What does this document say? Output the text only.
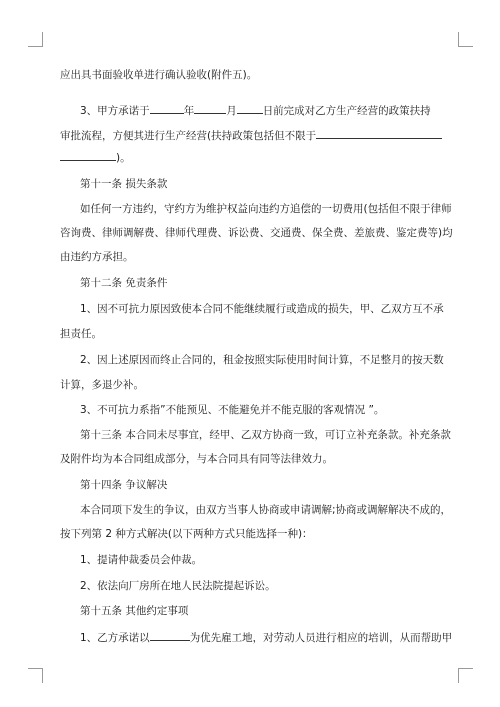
应出具书面验收单进行确认验收(附件五)。
3、甲方承诺于	年	月 日前完成对乙方生产经营的政策扶持
审批流程，方便其进行生产经营(扶持政策包括但不限于
)。
第十一条 损失条款
如任何一方违约，守约方为维护权益向违约方追偿的一切费用(包括但不限于律师
咨询费、律师调解费、律师代理费、诉讼费、交通费、保全费、差旅费、鉴定费等)均
由违约方承担。
第十二条 免责条件
1、因不可抗力原因致使本合同不能继续履行或造成的损失，甲、乙双方互不承
担责任。
2、因上述原因而终止合同的，租金按照实际使用时间计算，不足整月的按天数
计算，多退少补。
3、不可抗力系指”不能预见、不能避免并不能克服的客观情况 ”。
第十三条 本合同未尽事宜，经甲、乙双方协商一致，可订立补充条款。补充条款
及附件均为本合同组成部分，与本合同具有同等法律效力。
第十四条 争议解决
本合同项下发生的争议，由双方当事人协商或申请调解;协商或调解解决不成的，
按下列第 2 种方式解决(以下两种方式只能选择一种)：
1、提请仲裁委员会仲裁。
2、依法向厂房所在地人民法院提起诉讼。
第十五条 其他约定事项
1、乙方承诺以	为优先雇工地，对劳动人员进行相应的培训，从而帮助甲
